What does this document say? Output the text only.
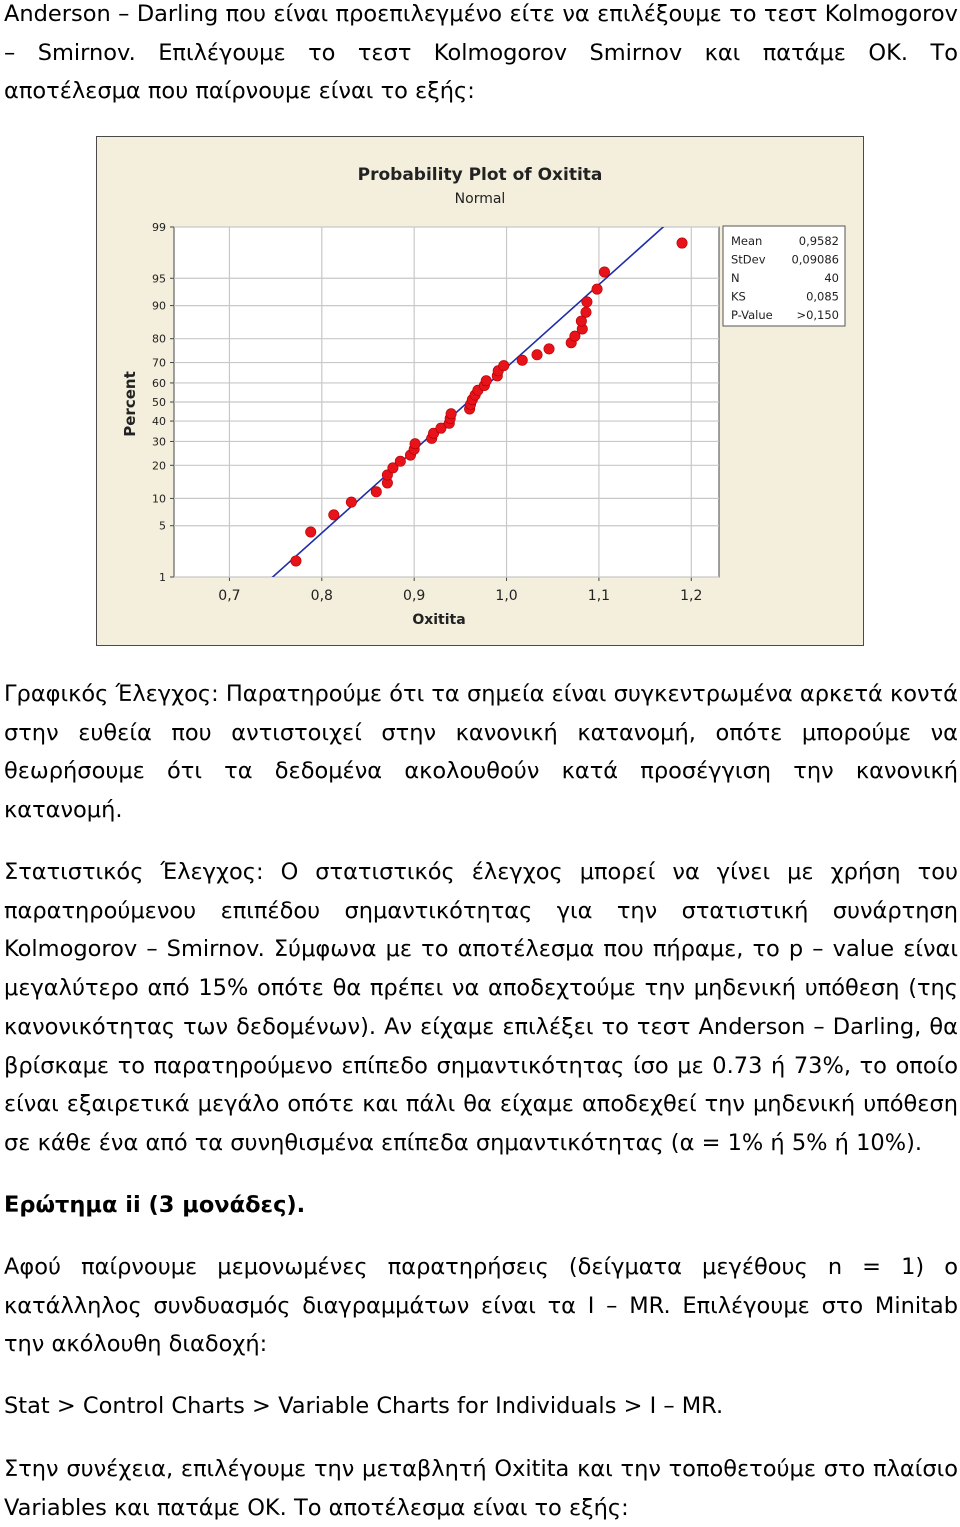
Anderson – Darling που είναι προεπιλεγμένο είτε να επιλέξουμε το τεστ Kolmogorov
– Smirnov. Επιλέγουμε το τεστ Kolmogorov Smirnov και πατάμε ΟΚ. Το
αποτέλεσμα που παίρνουμε είναι το εξής:
Probability Plot of Oxitita
Normal
Oxitita
Percent
0,7	0,8	0,9	1,0	1,1	1,2
1
5
10
20
30
40
50
60
70
80
90
95
99
Mean	0,9582
StDev 0,09086
N	40
KS	0,085
P-Value >0,150

Γραφικός Έλεγχος: Παρατηρούμε ότι τα σημεία είναι συγκεντρωμένα αρκετά κοντά στην ευθεία που αντιστοιχεί στην κανονική κατανομή, οπότε μπορούμε να θεωρήσουμε ότι τα δεδομένα ακολουθούν κατά προσέγγιση την κανονική κατανομή.

Στατιστικός Έλεγχος: Ο στατιστικός έλεγχος μπορεί να γίνει με χρήση του παρατηρούμενου επιπέδου σημαντικότητας για την στατιστική συνάρτηση Kolmogorov – Smirnov. Σύμφωνα με το αποτέλεσμα που πήραμε, το p – value είναι μεγαλύτερο από 15% οπότε θα πρέπει να αποδεχτούμε την μηδενική υπόθεση (της κανονικότητας των δεδομένων). Αν είχαμε επιλέξει το τεστ Anderson – Darling, θα βρίσκαμε το παρατηρούμενο επίπεδο σημαντικότητας ίσο με 0.73 ή 73%, το οποίο είναι εξαιρετικά μεγάλο οπότε και πάλι θα είχαμε αποδεχθεί την μηδενική υπόθεση σε κάθε ένα από τα συνηθισμένα επίπεδα σημαντικότητας (α = 1% ή 5% ή 10%).

Ερώτημα ii (3 μονάδες).

Αφού παίρνουμε μεμονωμένες παρατηρήσεις (δείγματα μεγέθους n = 1) ο κατάλληλος συνδυασμός διαγραμμάτων είναι τα I – MR. Επιλέγουμε στο Minitab την ακόλουθη διαδοχή:

Stat > Control Charts > Variable Charts for Individuals > I – MR.

Στην συνέχεια, επιλέγουμε την μεταβλητή Oxitita και την τοποθετούμε στο πλαίσιο Variables και πατάμε ΟΚ. Το αποτέλεσμα είναι το εξής:
